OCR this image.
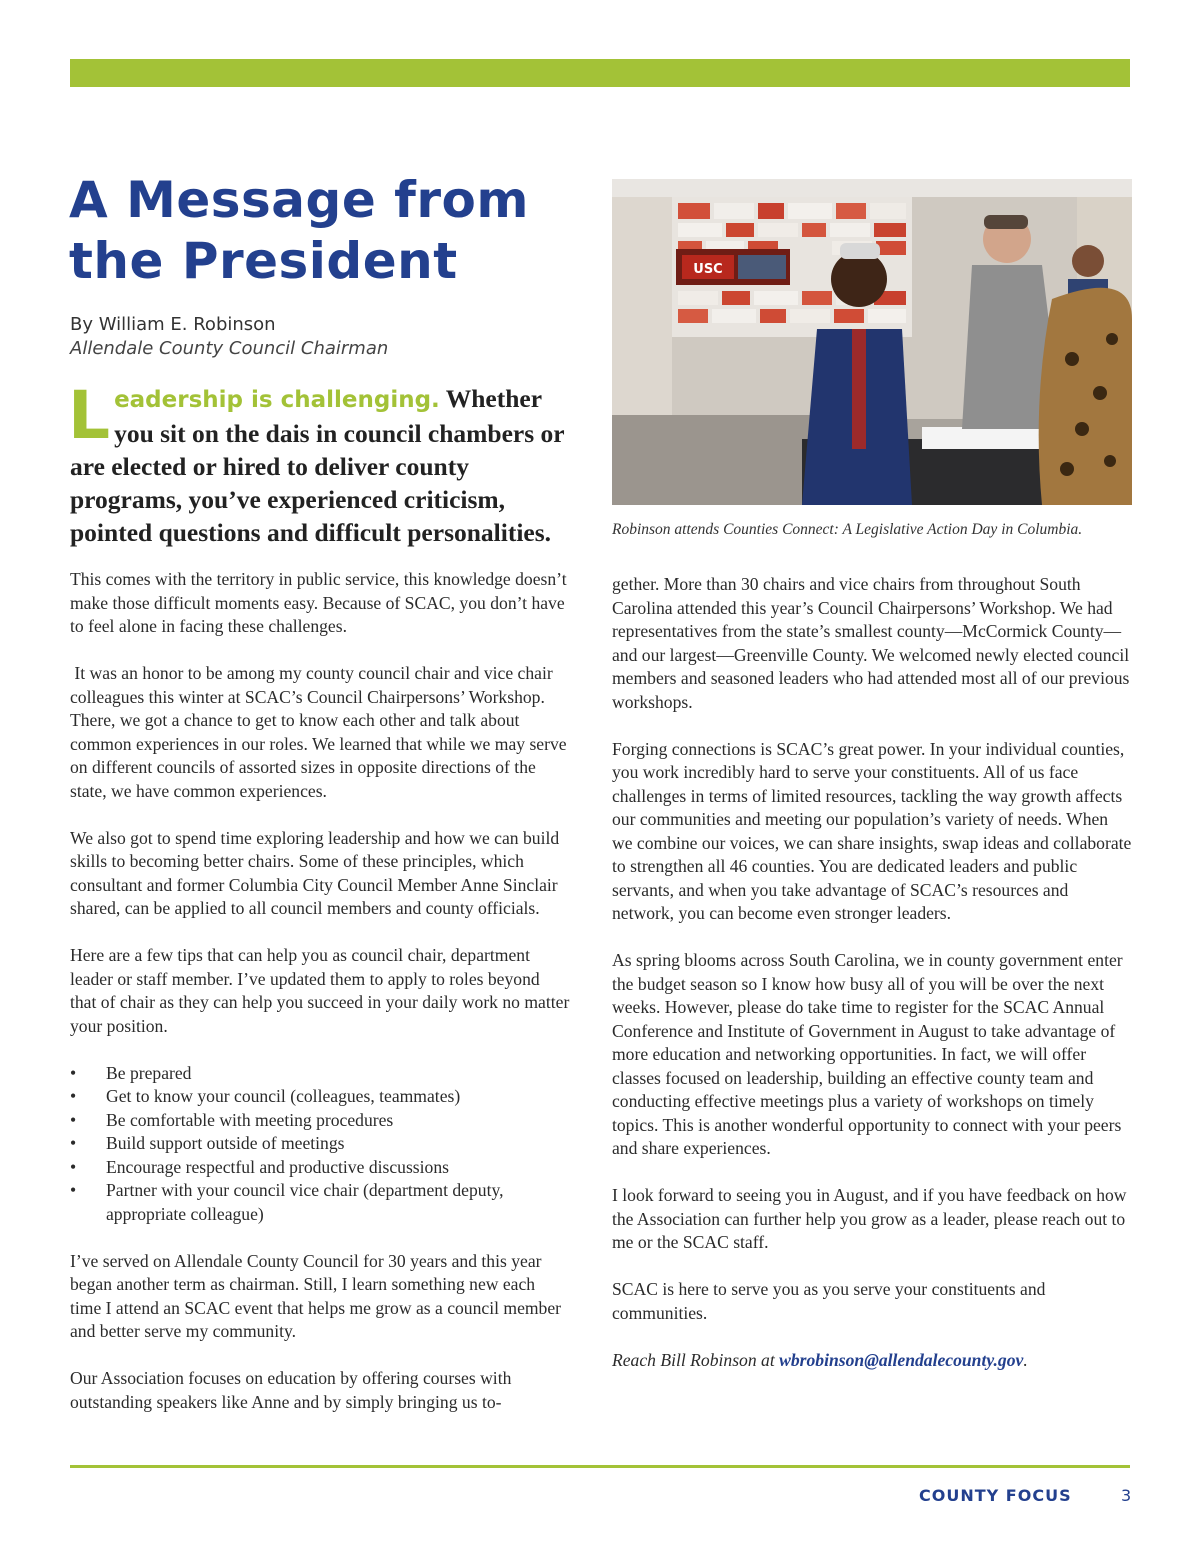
A Message from the President
By William E. Robinson
Allendale County Council Chairman
Leadership is challenging. Whether you sit on the dais in council chambers or are elected or hired to deliver county programs, you’ve experienced criticism, pointed questions and difficult personalities.
USC
Robinson attends Counties Connect: A Legislative Action Day in Columbia.

This comes with the territory in public service, this knowledge doesn’t make those difficult moments easy. Because of SCAC, you don’t have to feel alone in facing these challenges.

It was an honor to be among my county council chair and vice chair colleagues this winter at SCAC’s Council Chairpersons’ Workshop. There, we got a chance to get to know each other and talk about common experiences in our roles. We learned that while we may serve on different councils of assorted sizes in opposite directions of the state, we have common experiences.

We also got to spend time exploring leadership and how we can build skills to becoming better chairs. Some of these principles, which consultant and former Columbia City Council Member Anne Sinclair shared, can be applied to all council members and county officials.

Here are a few tips that can help you as council chair, department leader or staff member. I’ve updated them to apply to roles beyond that of chair as they can help you succeed in your daily work no matter your position.

• Be prepared
• Get to know your council (colleagues, teammates)
• Be comfortable with meeting procedures
• Build support outside of meetings
• Encourage respectful and productive discussions
• Partner with your council vice chair (department deputy, appropriate colleague)

I’ve served on Allendale County Council for 30 years and this year began another term as chairman. Still, I learn something new each time I attend an SCAC event that helps me grow as a council member and better serve my community.

Our Association focuses on education by offering courses with outstanding speakers like Anne and by simply bringing us to-

gether. More than 30 chairs and vice chairs from throughout South Carolina attended this year’s Council Chairpersons’ Workshop. We had representatives from the state’s smallest county—McCormick County—and our largest—Greenville County. We welcomed newly elected council members and seasoned leaders who had attended most all of our previous workshops.

Forging connections is SCAC’s great power. In your individual counties, you work incredibly hard to serve your constituents. All of us face challenges in terms of limited resources, tackling the way growth affects our communities and meeting our population’s variety of needs. When we combine our voices, we can share insights, swap ideas and collaborate to strengthen all 46 counties. You are dedicated leaders and public servants, and when you take advantage of SCAC’s resources and network, you can become even stronger leaders.

As spring blooms across South Carolina, we in county government enter the budget season so I know how busy all of you will be over the next weeks. However, please do take time to register for the SCAC Annual Conference and Institute of Government in August to take advantage of more education and networking opportunities. In fact, we will offer classes focused on leadership, building an effective county team and conducting effective meetings plus a variety of workshops on timely topics. This is another wonderful opportunity to connect with your peers and share experiences.

I look forward to seeing you in August, and if you have feedback on how the Association can further help you grow as a leader, please reach out to me or the SCAC staff.

SCAC is here to serve you as you serve your constituents and communities.

Reach Bill Robinson at wbrobinson@allendalecounty.gov.

COUNTY FOCUS	3
